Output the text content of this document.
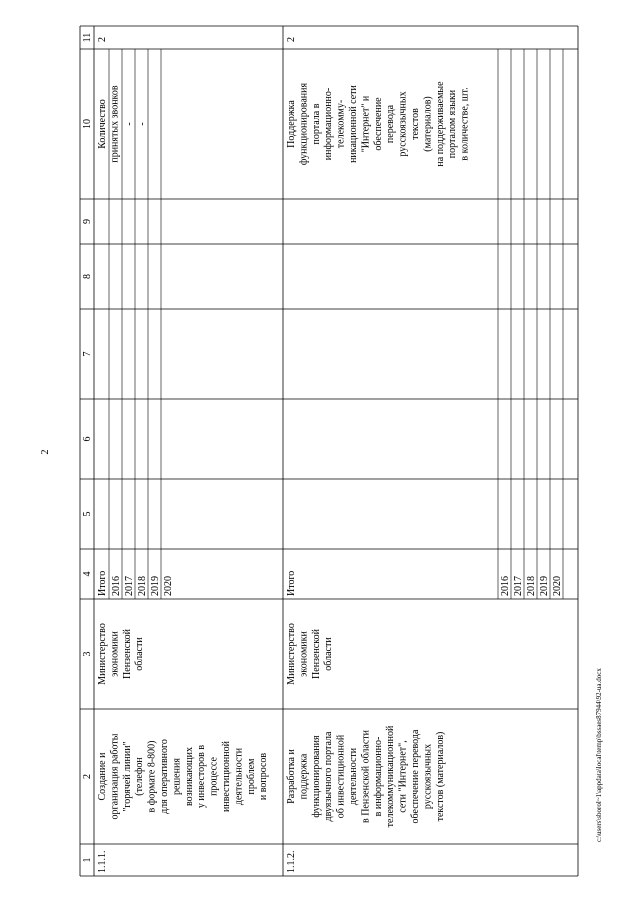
2
c:\users\sborol~1\appdata\local\temp\bssaes87944\92-ua.docx
1
2
3
4
5
6
7
8
9
10
11
1.1.1.
Создание и организация работы "горячей линии" (телефон в формате 8-800) для оперативного решения возникающих у инвесторов в процессе инвестиционной деятельности проблем и вопросов
Министерство экономики Пензенской области
Итого 2016 2017 2018 2019 2020
Количество принятых звонков - -
2
1.1.2.
Разработка и поддержка функционирования двуязычного портала об инвестиционной деятельности в Пензенской области в информационно- телекоммуникационной сети "Интернет", обеспечение перевода русскоязычных текстов (материалов)
Министерство экономики Пензенской области
Итого	2016 2017 2018 2019 2020
Поддержка функционирования портала в информационно- телекомму- никационной сети "Интернет" и обеспечение перевода русскоязычных текстов (материалов) на поддерживаемые порталом языки в количестве, шт.
2
